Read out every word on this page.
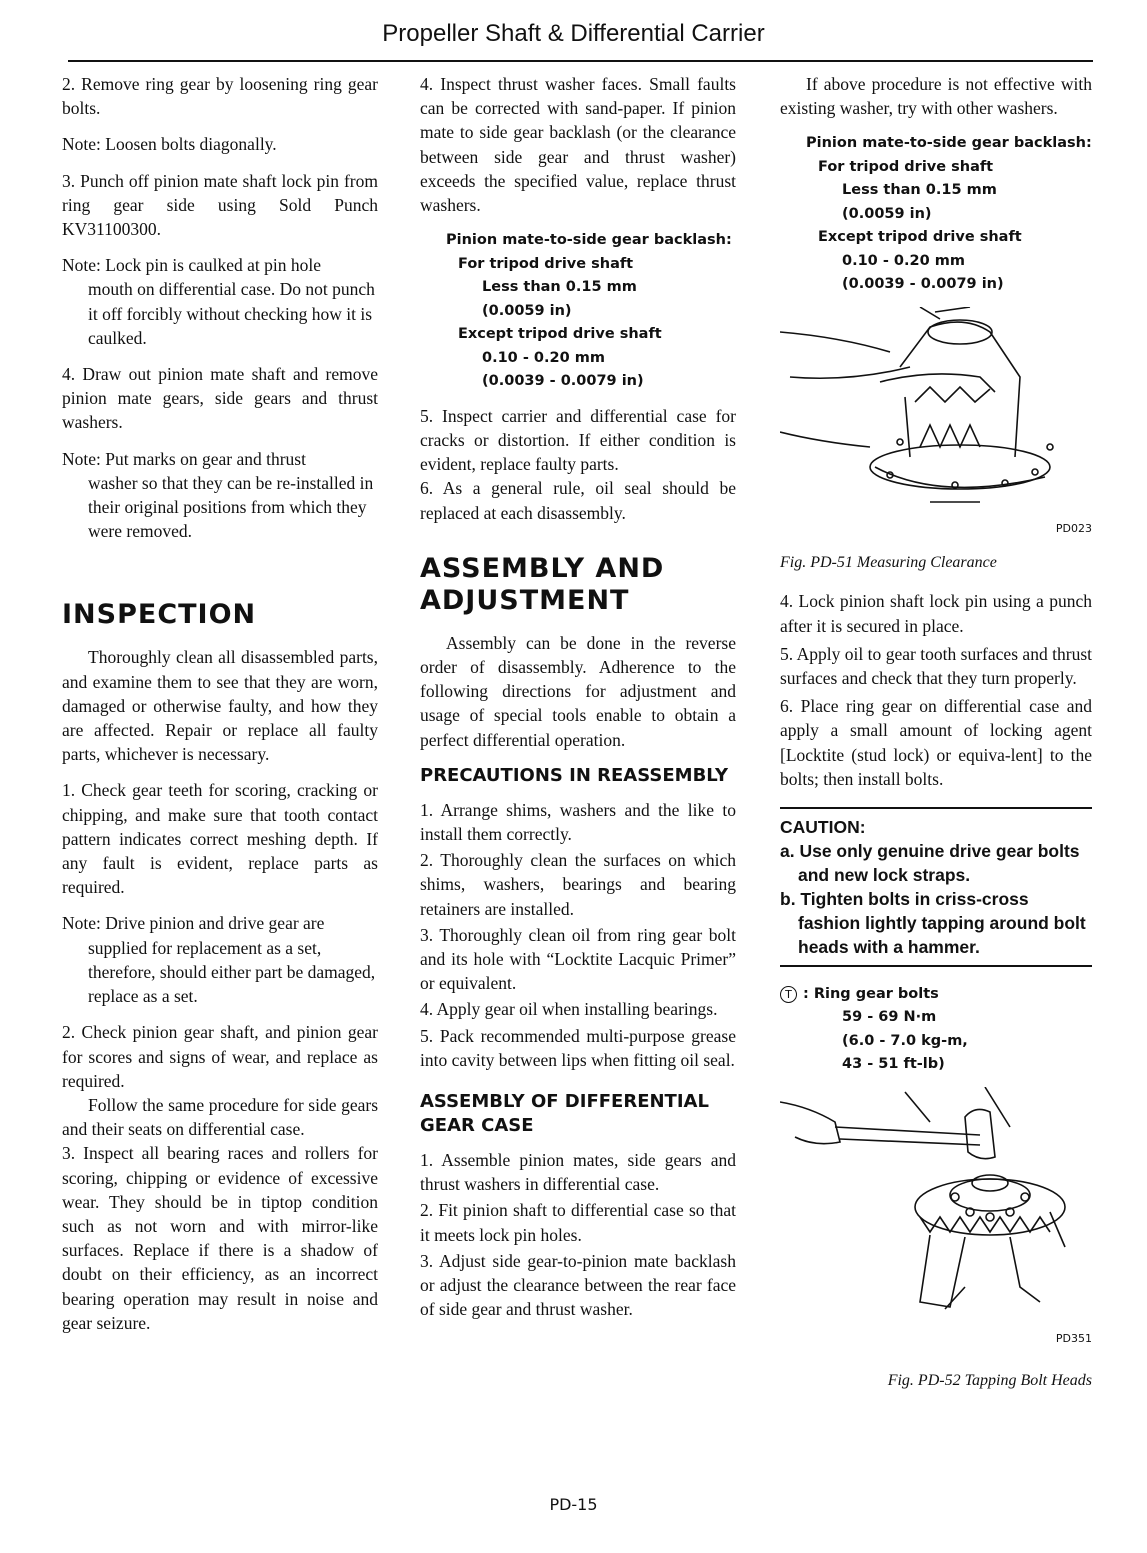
Propeller Shaft & Differential Carrier

2. Remove ring gear by loosening ring gear bolts.

Note: Loosen bolts diagonally.

3. Punch off pinion mate shaft lock pin from ring gear side using Sold Punch KV31100300.

Note: Lock pin is caulked at pin hole
mouth on differential case. Do not punch it off forcibly without checking how it is caulked.

4. Draw out pinion mate shaft and remove pinion mate gears, side gears and thrust washers.

Note: Put marks on gear and thrust
washer so that they can be re-installed in their original positions from which they were removed.
INSPECTION

Thoroughly clean all disassembled parts, and examine them to see that they are worn, damaged or otherwise faulty, and how they are affected. Repair or replace all faulty parts, whichever is necessary.

1. Check gear teeth for scoring, cracking or chipping, and make sure that tooth contact pattern indicates correct meshing depth. If any fault is evident, replace parts as required.

Note: Drive pinion and drive gear are
supplied for replacement as a set, therefore, should either part be damaged, replace as a set.

2. Check pinion gear shaft, and pinion gear for scores and signs of wear, and replace as required.

Follow the same procedure for side gears and their seats on differential case.

3. Inspect all bearing races and rollers for scoring, chipping or evidence of excessive wear. They should be in tiptop condition such as not worn and with mirror-like surfaces. Replace if there is a shadow of doubt on their efficiency, as an incorrect bearing operation may result in noise and gear seizure.

4. Inspect thrust washer faces. Small faults can be corrected with sand-paper. If pinion mate to side gear backlash (or the clearance between side gear and thrust washer) exceeds the specified value, replace thrust washers.

Pinion mate-to-side gear backlash:
For tripod drive shaft
Less than 0.15 mm
(0.0059 in)
Except tripod drive shaft
0.10 - 0.20 mm
(0.0039 - 0.0079 in)

5. Inspect carrier and differential case for cracks or distortion. If either condition is evident, replace faulty parts.

6. As a general rule, oil seal should be replaced at each disassembly.

ASSEMBLY AND ADJUSTMENT

Assembly can be done in the reverse order of disassembly. Adherence to the following directions for adjustment and usage of special tools enable to obtain a perfect differential operation.

PRECAUTIONS IN REASSEMBLY

1. Arrange shims, washers and the like to install them correctly.

2. Thoroughly clean the surfaces on which shims, washers, bearings and bearing retainers are installed.

3. Thoroughly clean oil from ring gear bolt and its hole with “Locktite Lacquic Primer” or equivalent.

4. Apply gear oil when installing bearings.

5. Pack recommended multi-purpose grease into cavity between lips when fitting oil seal.

ASSEMBLY OF DIFFERENTIAL GEAR CASE

1. Assemble pinion mates, side gears and thrust washers in differential case.

2. Fit pinion shaft to differential case so that it meets lock pin holes.

3. Adjust side gear-to-pinion mate backlash or adjust the clearance between the rear face of side gear and thrust washer.

If above procedure is not effective with existing washer, try with other washers.

Pinion mate-to-side gear backlash:
For tripod drive shaft
Less than 0.15 mm
(0.0059 in)
Except tripod drive shaft
0.10 - 0.20 mm
(0.0039 - 0.0079 in)
PD023
Fig. PD-51 Measuring Clearance

4. Lock pinion shaft lock pin using a punch after it is secured in place.

5. Apply oil to gear tooth surfaces and thrust surfaces and check that they turn properly.

6. Place ring gear on differential case and apply a small amount of locking agent [Locktite (stud lock) or equiva-lent] to the bolts; then install bolts.

CAUTION:
a. Use only genuine drive gear bolts and new lock straps.
b. Tighten bolts in criss-cross fashion lightly tapping around bolt heads with a hammer.
T : Ring gear bolts
59 - 69 N·m
(6.0 - 7.0 kg-m,
43 - 51 ft-lb)
PD351
Fig. PD-52 Tapping Bolt Heads
PD-15
